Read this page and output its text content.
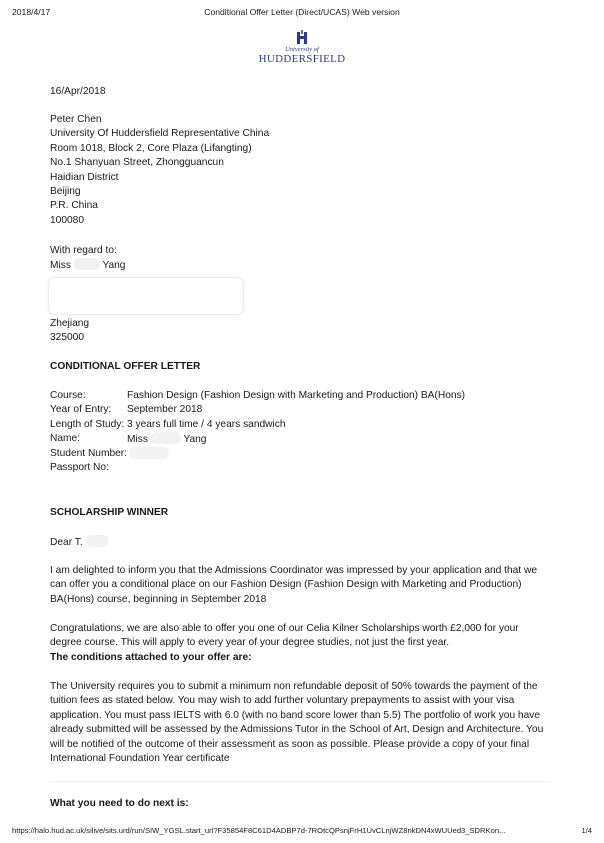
2018/4/17	Conditional Offer Letter (Direct/UCAS) Web version
University of
HUDDERSFIELD
16/Apr/2018
Peter Chen
University Of Huddersfield Representative China
Room 1018, Block 2, Core Plaza (Lifangting)
No.1 Shanyuan Street, Zhongguancun
Haidian District
Beijing
P.R. China
100080
With regard to:
Miss	Yang
Zhejiang
325000
CONDITIONAL OFFER LETTER
Course:	Fashion Design (Fashion Design with Marketing and Production) BA(Hons)
Year of Entry: September 2018
Length of Study: 3 years full time / 4 years sandwich
Name:	Miss	Yang
Student Number:
Passport No:
SCHOLARSHIP WINNER
Dear T.
I am delighted to inform you that the Admissions Coordinator was impressed by your application and that we can offer you a conditional place on our Fashion Design (Fashion Design with Marketing and Production) BA(Hons) course, beginning in September 2018
Congratulations, we are also able to offer you one of our Celia Kilner Scholarships worth £2,000 for your degree course. This will apply to every year of your degree studies, not just the first year.
The conditions attached to your offer are:
The University requires you to submit a minimum non refundable deposit of 50% towards the payment of the tuition fees as stated below. You may wish to add further voluntary prepayments to assist with your visa application. You must pass IELTS with 6.0 (with no band score lower than 5.5) The portfolio of work you have already submitted will be assessed by the Admissions Tutor in the School of Art, Design and Architecture. You will be notified of the outcome of their assessment as soon as possible. Please provide a copy of your final International Foundation Year certificate
What you need to do next is:
https://halo.hud.ac.uk/silive/sits.urd/run/SIW_YGSL.start_url?F35854F8C61D4ADBP7d-7ROtcQPsnjFrH1UvCLnjWZ8nkDN4xWUUed3_SDRKon...	1/4
